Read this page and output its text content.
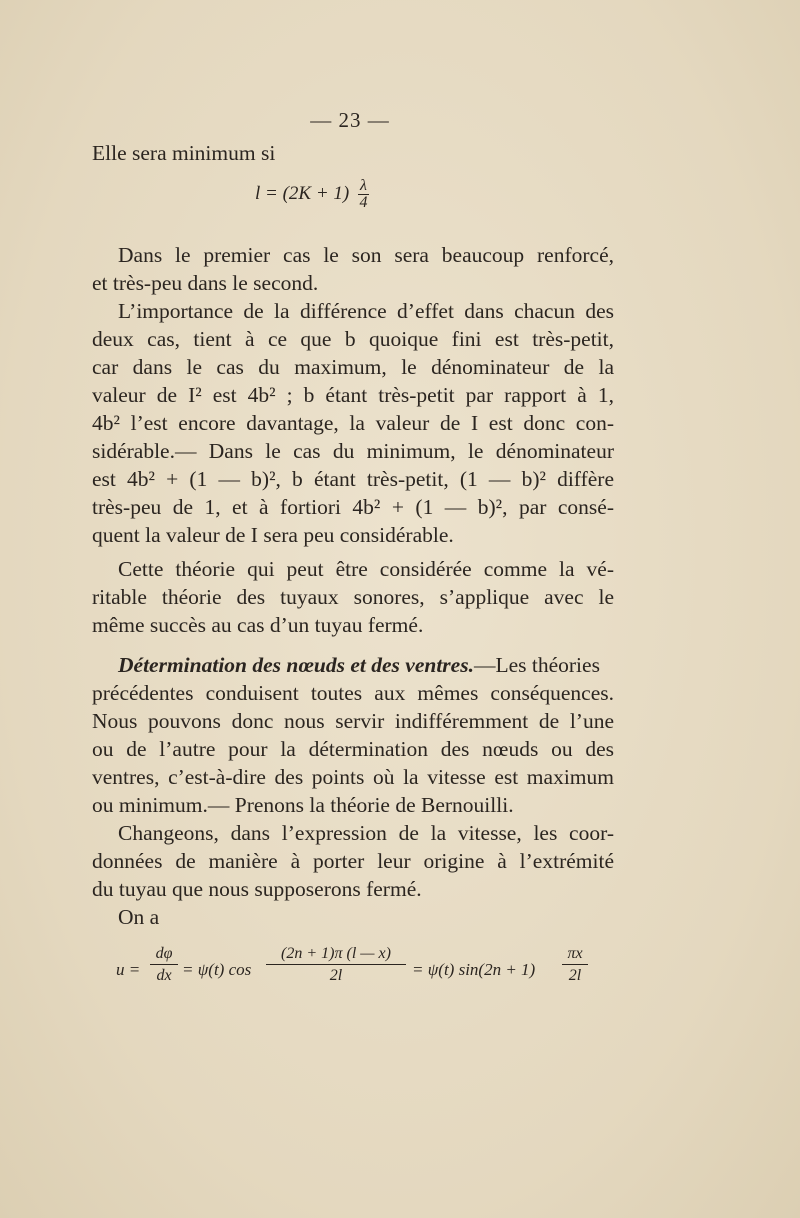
— 23 —
Elle sera minimum si
$l = (2K + 1) \frac{\lambda}{4}$
Dans le premier cas le son sera beaucoup renforcé,
et très-peu dans le second.
L’importance de la différence d’effet dans chacun des
deux cas, tient à ce que b quoique fini est très-petit,
car dans le cas du maximum, le dénominateur de la
valeur de I² est 4b² ; b étant très-petit par rapport à 1,
4b² l’est encore davantage, la valeur de I est donc con-
sidérable.— Dans le cas du minimum, le dénominateur
est 4b² + (1 — b)², b étant très-petit, (1 — b)² diffère
très-peu de 1, et à fortiori 4b² + (1 — b)², par consé-
quent la valeur de I sera peu considérable.
Cette théorie qui peut être considérée comme la vé-
ritable théorie des tuyaux sonores, s’applique avec le
même succès au cas d’un tuyau fermé.
Détermination des nœuds et des ventres.—Les théories
précédentes conduisent toutes aux mêmes conséquences.
Nous pouvons donc nous servir indifféremment de l’une
ou de l’autre pour la détermination des nœuds ou des
ventres, c’est-à-dire des points où la vitesse est maximum
ou minimum.— Prenons la théorie de Bernouilli.
Changeons, dans l’expression de la vitesse, les coor-
données de manière à porter leur origine à l’extrémité
du tuyau que nous supposerons fermé.
On a
$u = \frac{d\varphi}{dx} = \psi(t)$ $\cos \frac{(2n + 1)\pi (l — x)}{2l} = \psi(t) \sin(2n + 1) \frac{\pi x}{2l}$
